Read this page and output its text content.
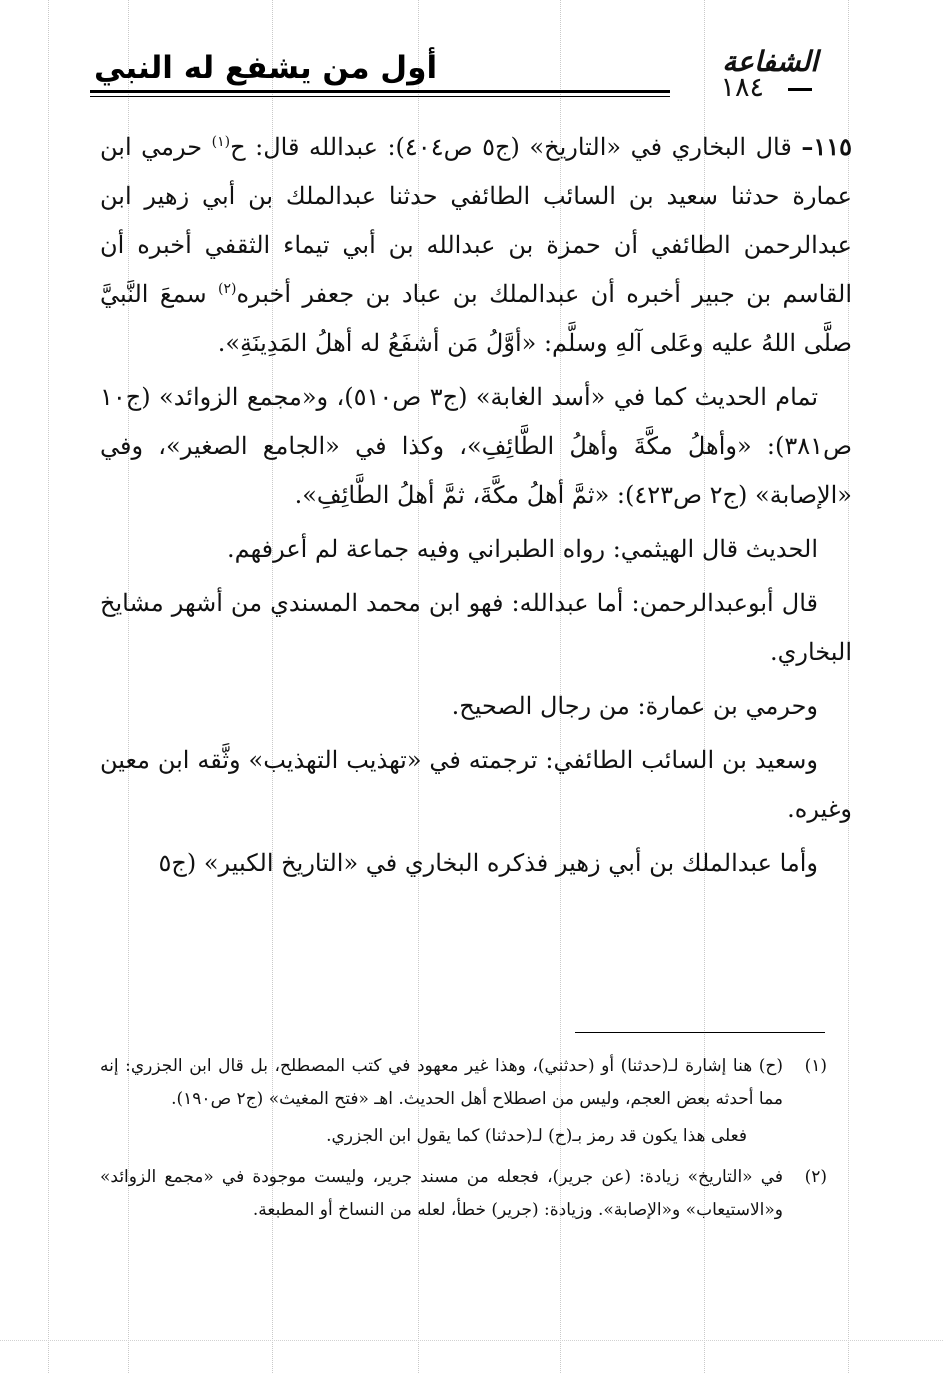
أول من يشفع له النبي	الشفاعة
١٨٤

١١٥– قال البخاري في «التاريخ» (ج٥ ص٤٠٤): عبدالله قال: ح$^{(١)}$ حرمي ابن عمارة حدثنا سعيد بن السائب الطائفي حدثنا عبدالملك بن أبي زهير ابن عبدالرحمن الطائفي أن حمزة بن عبدالله بن أبي تيماء الثقفي أخبره أن القاسم بن جبير أخبره أن عبدالملك بن عباد بن جعفر أخبره$^{(٢)}$ سمعَ النَّبيَّ صلَّى اللهُ عليه وعَلى آلهِ وسلَّم: «أوَّلُ مَن أشفَعُ له أهلُ المَدِينَةِ».

تمام الحديث كما في «أسد الغابة» (ج٣ ص٥١٠)، و«مجمع الزوائد» (ج١٠ ص٣٨١): «وأهلُ مكَّةَ وأهلُ الطَّائِفِ»، وكذا في «الجامع الصغير»، وفي «الإصابة» (ج٢ ص٤٢٣): «ثمَّ أهلُ مكَّةَ، ثمَّ أهلُ الطَّائِفِ».

الحديث قال الهيثمي: رواه الطبراني وفيه جماعة لم أعرفهم.

قال أبوعبدالرحمن: أما عبدالله: فهو ابن محمد المسندي من أشهر مشايخ البخاري.

وحرمي بن عمارة: من رجال الصحيح.

وسعيد بن السائب الطائفي: ترجمته في «تهذيب التهذيب» وثَّقه ابن معين وغيره.

وأما عبدالملك بن أبي زهير فذكره البخاري في «التاريخ الكبير» (ج٥

(١)
(ح) هنا إشارة لـ(حدثنا) أو (حدثني)، وهذا غير معهود في كتب المصطلح، بل قال ابن الجزري: إنه مما أحدثه بعض العجم، وليس من اصطلاح أهل الحديث. اهـ «فتح المغيث» (ج٢ ص١٩٠).
فعلى هذا يكون قد رمز بـ(ح) لـ(حدثنا) كما يقول ابن الجزري.
(٢)
في «التاريخ» زيادة: (عن جرير)، فجعله من مسند جرير، وليست موجودة في «مجمع الزوائد» و«الاستيعاب» و«الإصابة». وزيادة: (جرير) خطأ، لعله من النساخ أو المطبعة.
